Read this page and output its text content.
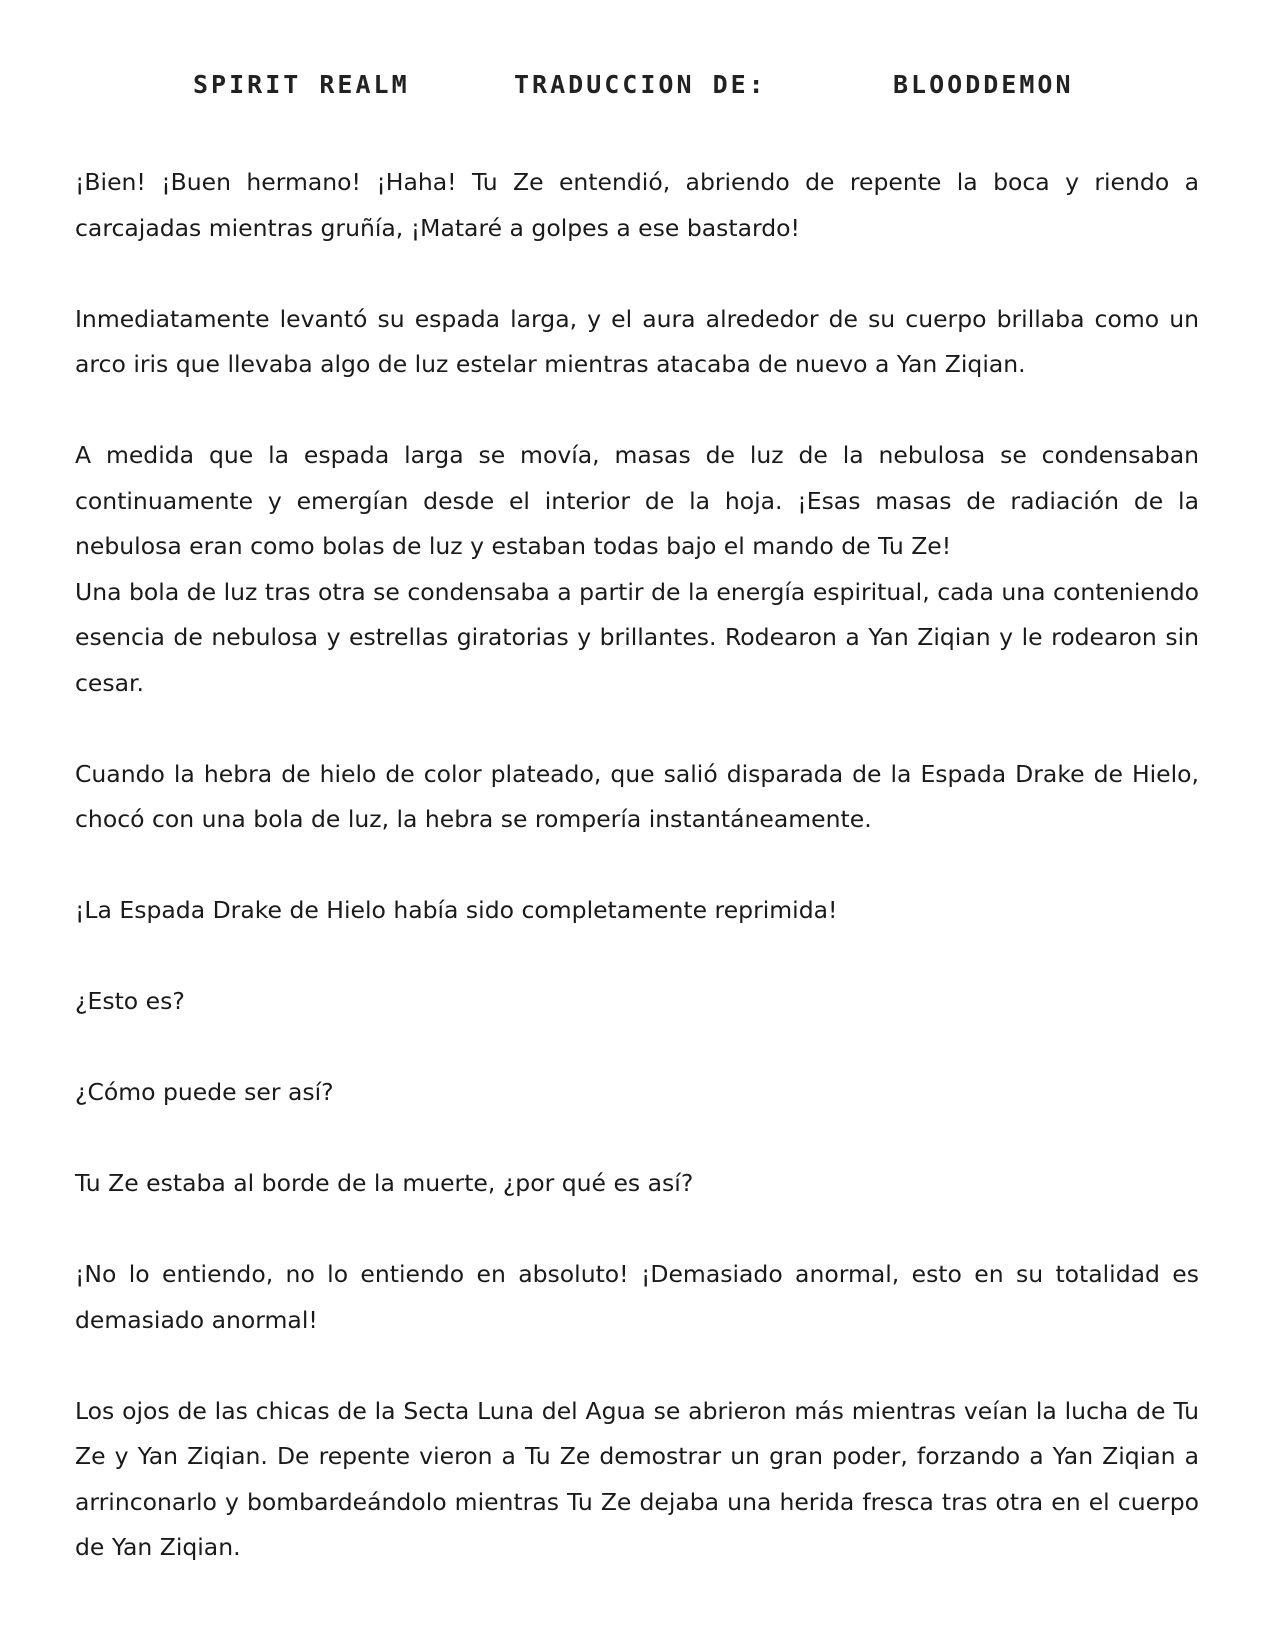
SPIRIT REALM	TRADUCCION DE:	BLOODDEMON

¡Bien! ¡Buen hermano! ¡Haha! Tu Ze entendió, abriendo de repente la boca y riendo a carcajadas mientras gruñía, ¡Mataré a golpes a ese bastardo!

Inmediatamente levantó su espada larga, y el aura alrededor de su cuerpo brillaba como un arco iris que llevaba algo de luz estelar mientras atacaba de nuevo a Yan Ziqian.

A medida que la espada larga se movía, masas de luz de la nebulosa se condensaban continuamente y emergían desde el interior de la hoja. ¡Esas masas de radiación de la nebulosa eran como bolas de luz y estaban todas bajo el mando de Tu Ze!

Una bola de luz tras otra se condensaba a partir de la energía espiritual, cada una conteniendo esencia de nebulosa y estrellas giratorias y brillantes. Rodearon a Yan Ziqian y le rodearon sin cesar.

Cuando la hebra de hielo de color plateado, que salió disparada de la Espada Drake de Hielo, chocó con una bola de luz, la hebra se rompería instantáneamente.

¡La Espada Drake de Hielo había sido completamente reprimida!

¿Esto es?

¿Cómo puede ser así?

Tu Ze estaba al borde de la muerte, ¿por qué es así?

¡No lo entiendo, no lo entiendo en absoluto! ¡Demasiado anormal, esto en su totalidad es demasiado anormal!

Los ojos de las chicas de la Secta Luna del Agua se abrieron más mientras veían la lucha de Tu Ze y Yan Ziqian. De repente vieron a Tu Ze demostrar un gran poder, forzando a Yan Ziqian a arrinconarlo y bombardeándolo mientras Tu Ze dejaba una herida fresca tras otra en el cuerpo de Yan Ziqian.
